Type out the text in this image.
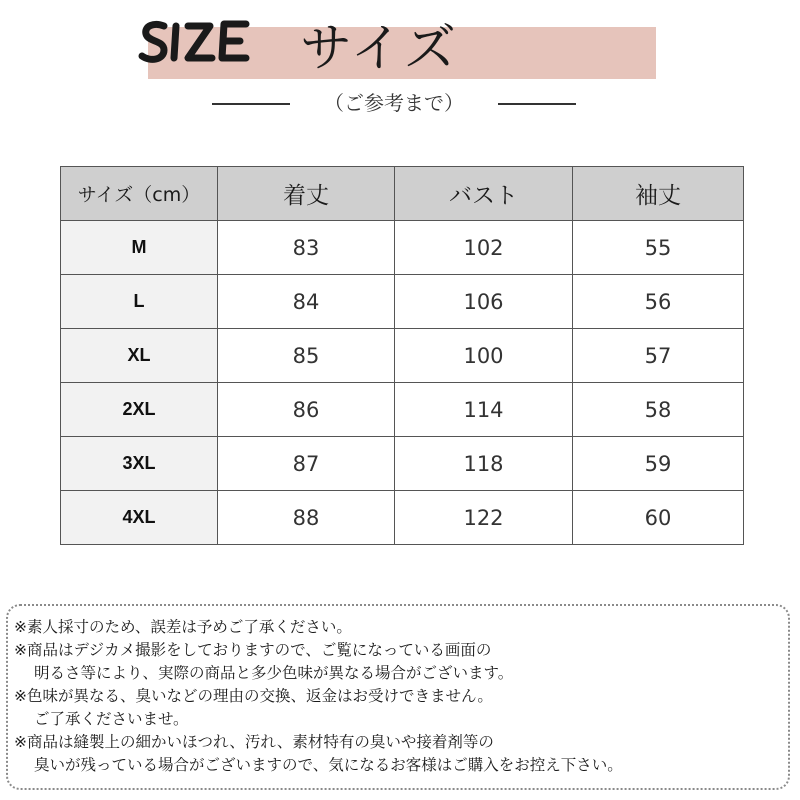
サイズ
（ご参考まで）
サイズ（cm）	着丈	バスト	袖丈
M	83	102	55
L	84	106	56
XL	85	100	57
2XL	86	114	58
3XL	87	118	59
4XL	88	122	60
※素人採寸のため、誤差は予めご了承ください。
※商品はデジカメ撮影をしておりますので、ご覧になっている画面の
明るさ等により、実際の商品と多少色味が異なる場合がございます。
※色味が異なる、臭いなどの理由の交換、返金はお受けできません。
ご了承くださいませ。
※商品は縫製上の細かいほつれ、汚れ、素材特有の臭いや接着剤等の
臭いが残っている場合がございますので、気になるお客様はご購入をお控え下さい。
